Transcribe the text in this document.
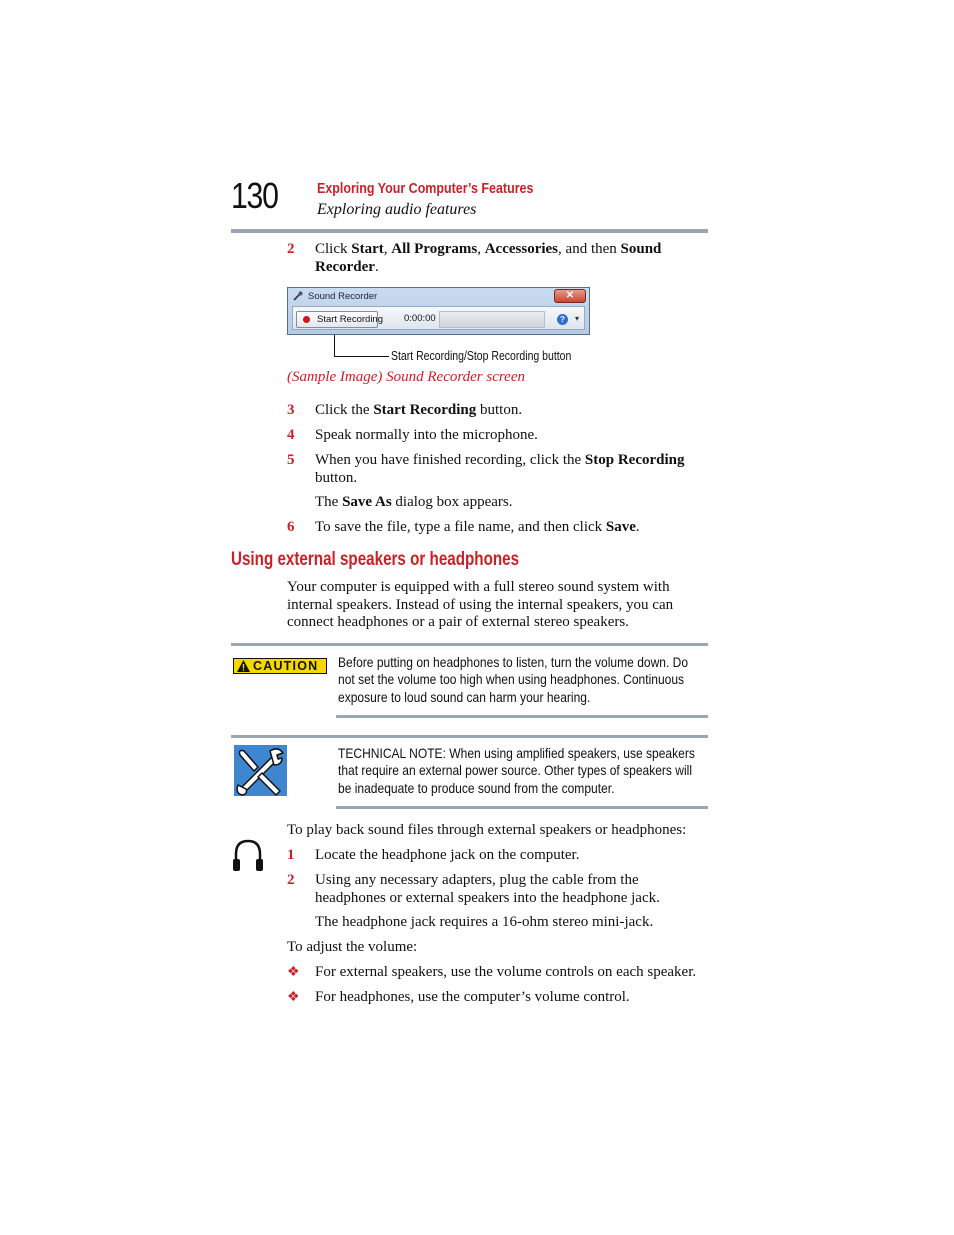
130	Exploring Your Computer’s Features
Exploring audio features
2 Click Start, All Programs, Accessories, and then Sound Recorder.
Sound Recorder	✕
Start Recording 0:00:00	?	▾
Start Recording/Stop Recording button
(Sample Image) Sound Recorder screen
3 Click the Start Recording button.
4 Speak normally into the microphone.
5 When you have finished recording, click the Stop Recording button.
The Save As dialog box appears.
6 To save the file, type a file name, and then click Save.
Using external speakers or headphones
Your computer is equipped with a full stereo sound system with internal speakers. Instead of using the internal speakers, you can connect headphones or a pair of external stereo speakers.
CAUTION Before putting on headphones to listen, turn the volume down. Do not set the volume too high when using headphones. Continuous exposure to loud sound can harm your hearing.
TECHNICAL NOTE: When using amplified speakers, use speakers that require an external power source. Other types of speakers will be inadequate to produce sound from the computer.
To play back sound files through external speakers or headphones:
1 Locate the headphone jack on the computer.
2 Using any necessary adapters, plug the cable from the headphones or external speakers into the headphone jack.
The headphone jack requires a 16-ohm stereo mini-jack.
To adjust the volume:
❖ For external speakers, use the volume controls on each speaker.
❖ For headphones, use the computer’s volume control.
